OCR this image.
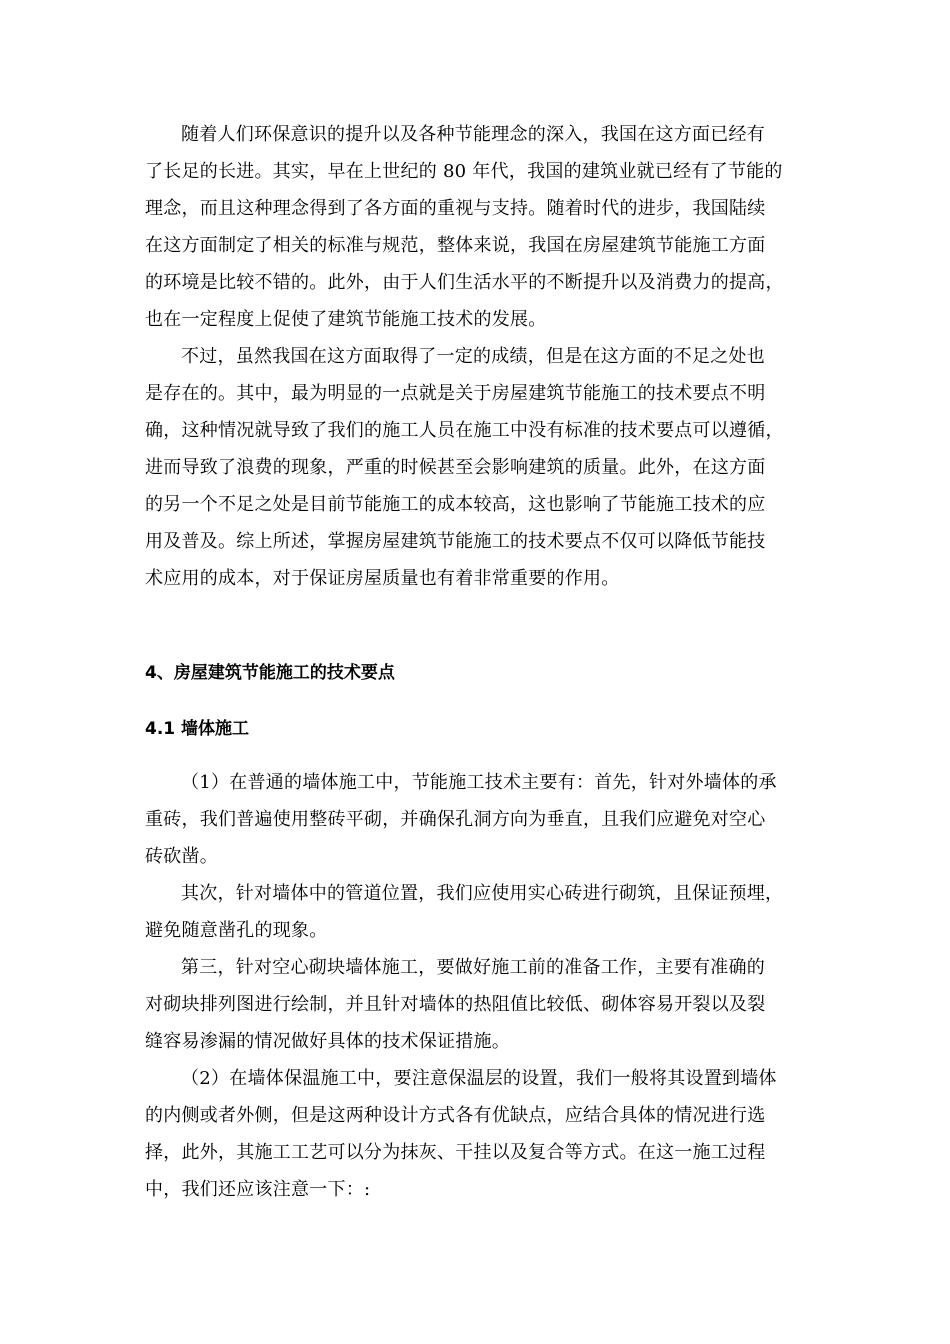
随着人们环保意识的提升以及各种节能理念的深入，我国在这方面已经有
了长足的长进。其实，早在上世纪的 80 年代，我国的建筑业就已经有了节能的
理念，而且这种理念得到了各方面的重视与支持。随着时代的进步，我国陆续
在这方面制定了相关的标准与规范，整体来说，我国在房屋建筑节能施工方面
的环境是比较不错的。此外，由于人们生活水平的不断提升以及消费力的提高，
也在一定程度上促使了建筑节能施工技术的发展。
不过，虽然我国在这方面取得了一定的成绩，但是在这方面的不足之处也
是存在的。其中，最为明显的一点就是关于房屋建筑节能施工的技术要点不明
确，这种情况就导致了我们的施工人员在施工中没有标准的技术要点可以遵循，
进而导致了浪费的现象，严重的时候甚至会影响建筑的质量。此外，在这方面
的另一个不足之处是目前节能施工的成本较高，这也影响了节能施工技术的应
用及普及。综上所述，掌握房屋建筑节能施工的技术要点不仅可以降低节能技
术应用的成本，对于保证房屋质量也有着非常重要的作用。
4、房屋建筑节能施工的技术要点
4.1 墙体施工
（1）在普通的墙体施工中，节能施工技术主要有：首先，针对外墙体的承
重砖，我们普遍使用整砖平砌，并确保孔洞方向为垂直，且我们应避免对空心
砖砍凿。
其次，针对墙体中的管道位置，我们应使用实心砖进行砌筑，且保证预埋，
避免随意凿孔的现象。
第三，针对空心砌块墙体施工，要做好施工前的准备工作，主要有准确的
对砌块排列图进行绘制，并且针对墙体的热阻值比较低、砌体容易开裂以及裂
缝容易渗漏的情况做好具体的技术保证措施。
（2）在墙体保温施工中，要注意保温层的设置，我们一般将其设置到墙体
的内侧或者外侧，但是这两种设计方式各有优缺点，应结合具体的情况进行选
择，此外，其施工工艺可以分为抹灰、干挂以及复合等方式。在这一施工过程
中，我们还应该注意一下：:
